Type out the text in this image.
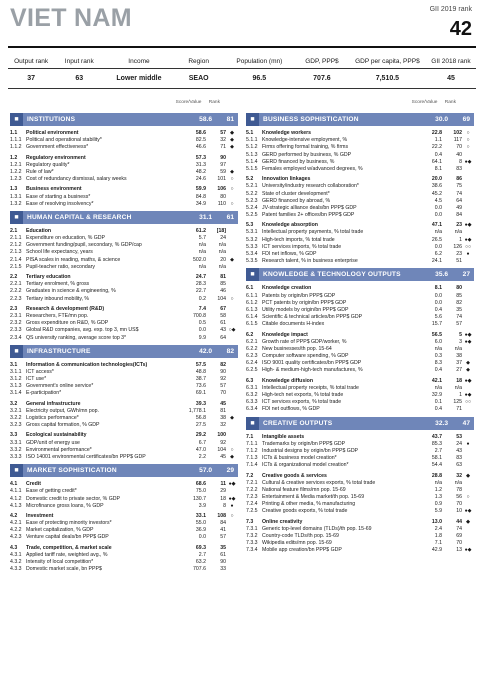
VIET NAM	GII 2019 rank
42
Output rank	Input rank	Income	Region	Population (mn)	GDP, PPP$	GDP per capita, PPP$	GII 2018 rank
37	63	Lower middle	SEAO	96.5	707.6	7,510.5	45
Score/Value Rank
■	INSTITUTIONS	58.6	81
1.1	Political environment	58.6	57 ◆
1.1.1 Political and operational stability*	82.5	32 ◆
1.1.2 Government effectiveness*	46.6	71 ◆
1.2	Regulatory environment	57.3	90
1.2.1 Regulatory quality*	31.3	97
1.2.2 Rule of law*	48.2	59 ◆
1.2.3 Cost of redundancy dismissal, salary weeks	24.6	101 ○
1.3	Business environment	59.9	106 ○
1.3.1 Ease of starting a business*	84.8	80
1.3.2 Ease of resolving insolvency*	34.9	110 ○
■	HUMAN CAPITAL & RESEARCH	31.1	61
2.1	Education	61.2	[18]
2.1.1 Expenditure on education, % GDP	5.7	24
2.1.2 Government funding/pupil, secondary, % GDP/cap	n/a	n/a
2.1.3 School life expectancy, years	n/a	n/a
2.1.4 PISA scales in reading, maths, & science	502.0	20 ◆
2.1.5 Pupil-teacher ratio, secondary	n/a	n/a
2.2	Tertiary education	24.7	81
2.2.1 Tertiary enrolment, % gross	28.3	85
2.2.2 Graduates in science & engineering, %	22.7	46
2.2.3 Tertiary inbound mobility, %	0.2	104 ○
2.3	Research & development (R&D)	7.4	67
2.3.1 Researchers, FTE/mn pop.	700.8	58
2.3.2 Gross expenditure on R&D, % GDP	0.5	61
2.3.3 Global R&D companies, avg. exp. top 3, mn US$	0.0	43 ○◆
2.3.4 QS university ranking, average score top 3*	9.9	64
■	INFRASTRUCTURE	42.0	82
3.1	Information & communication technologies(ICTs)	57.5	82
3.1.1 ICT access*	48.8	90
3.1.2 ICT use*	38.7	92
3.1.3 Government's online service*	73.6	57
3.1.4 E-participation*	69.1	70
3.2	General infrastructure	39.3	45
3.2.1 Electricity output, GWh/mn pop.	1,778.1	81
3.2.2 Logistics performance*	56.8	38 ◆
3.2.3 Gross capital formation, % GDP	27.5	32
3.3	Ecological sustainability	29.2	100
3.3.1 GDP/unit of energy use	6.7	92
3.3.2 Environmental performance*	47.0	104 ○
3.3.3 ISO 14001 environmental certificates/bn PPP$ GDP	2.2	45 ◆
■	MARKET SOPHISTICATION	57.0	29
4.1	Credit	68.6	11 ●◆
4.1.1 Ease of getting credit*	75.0	29
4.1.2 Domestic credit to private sector, % GDP	130.7	18 ●◆
4.1.3 Microfinance gross loans, % GDP	3.9	8 ●
4.2	Investment	33.1	108 ○
4.2.1 Ease of protecting minority investors*	55.0	84
4.2.2 Market capitalization, % GDP	36.9	41
4.2.3 Venture capital deals/bn PPP$ GDP	0.0	57
4.3	Trade, competition, & market scale	69.3	35
4.3.1 Applied tariff rate, weighted avg., %	2.7	61
4.3.2 Intensity of local competition*	63.2	90
4.3.3 Domestic market scale, bn PPP$	707.6	33
Score/Value Rank
■	BUSINESS SOPHISTICATION	30.0	69
5.1	Knowledge workers	22.8	102 ○
5.1.1 Knowledge-intensive employment, %	1.1	117 ○
5.1.2 Firms offering formal training, % firms	22.2	70 ○
5.1.3 GERD performed by business, % GDP	0.4	40
5.1.4 GERD financed by business, %	64.1	8 ●◆
5.1.5 Females employed w/advanced degrees, %	8.1	83
5.2	Innovation linkages	20.0	86
5.2.1 University/industry research collaboration*	38.6	75
5.2.2 State of cluster development*	45.2	74
5.2.3 GERD financed by abroad, %	4.5	64
5.2.4 JV-strategic alliance deals/bn PPP$ GDP	0.0	49
5.2.5 Patent families 2+ offices/bn PPP$ GDP	0.0	84
5.3	Knowledge absorption	47.1	23 ●◆
5.3.1 Intellectual property payments, % total trade	n/a	n/a
5.3.2 High-tech imports, % total trade	26.5	1 ●◆
5.3.3 ICT services imports, % total trade	0.0	126 ○○
5.3.4 FDI net inflows, % GDP	6.2	23 ●
5.3.5 Research talent, % in business enterprise	24.1	51
■	KNOWLEDGE & TECHNOLOGY OUTPUTS	35.6	27
6.1	Knowledge creation	8.1	80
6.1.1 Patents by origin/bn PPP$ GDP	0.0	85
6.1.2 PCT patents by origin/bn PPP$ GDP	0.0	82
6.1.3 Utility models by origin/bn PPP$ GDP	0.4	35
6.1.4 Scientific & technical articles/bn PPP$ GDP	5.6	74
6.1.5 Citable documents H-index	15.7	57
6.2	Knowledge impact	56.5	5 ●◆
6.2.1 Growth rate of PPP$ GDP/worker, %	6.0	3 ●◆
6.2.2 New businesses/th pop. 15-64	n/a	n/a
6.2.3 Computer software spending, % GDP	0.3	38
6.2.4 ISO 9001 quality certificates/bn PPP$ GDP	8.3	37 ◆
6.2.5 High- & medium-high-tech manufactures, %	0.4	27 ◆
6.3	Knowledge diffusion	42.1	18 ●◆
6.3.1 Intellectual property receipts, % total trade	n/a	n/a
6.3.2 High-tech net exports, % total trade	32.9	1 ●◆
6.3.3 ICT services exports, % total trade	0.1	125 ○○
6.3.4 FDI net outflows, % GDP	0.4	71
■	CREATIVE OUTPUTS	32.3	47
7.1	Intangible assets	43.7	53
7.1.1 Trademarks by origin/bn PPP$ GDP	85.3	24 ●
7.1.2 Industrial designs by origin/bn PPP$ GDP	2.7	43
7.1.3 ICTs & business model creation*	58.1	83
7.1.4 ICTs & organizational model creation*	54.4	63
7.2	Creative goods & services	28.8	32 ◆
7.2.1 Cultural & creative services exports, % total trade	n/a	n/a
7.2.2 National feature films/mn pop. 15-69	1.2	78
7.2.3 Entertainment & Media market/th pop. 15-69	1.3	56 ○
7.2.4 Printing & other media, % manufacturing	0.9	70
7.2.5 Creative goods exports, % total trade	5.9	10 ●◆
7.3	Online creativity	13.0	44 ◆
7.3.1 Generic top-level domains (TLDs)/th pop. 15-69	2.4	74
7.3.2 Country-code TLDs/th pop. 15-69	1.8	69
7.3.3 Wikipedia edits/mn pop. 15-69	7.1	70
7.3.4 Mobile app creation/bn PPP$ GDP	42.9	13 ●◆
